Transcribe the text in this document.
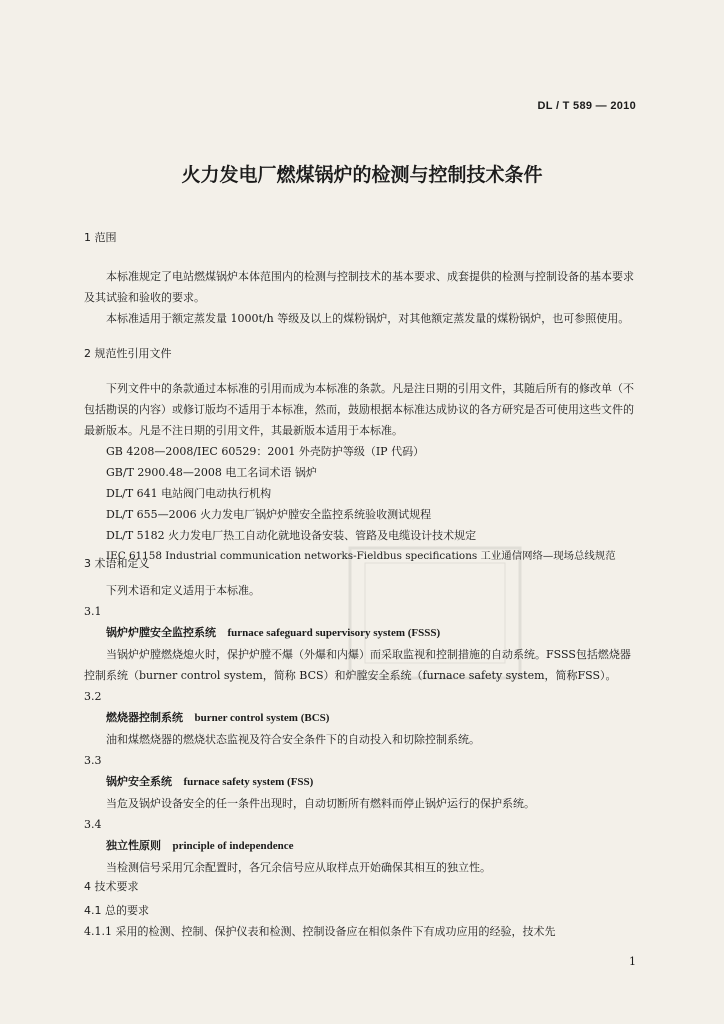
DL / T 589 — 2010
火力发电厂燃煤锅炉的检测与控制技术条件
1 范围

本标准规定了电站燃煤锅炉本体范围内的检测与控制技术的基本要求、成套提供的检测与控制设备的基本要求及其试验和验收的要求。

本标准适用于额定蒸发量 1000t/h 等级及以上的煤粉锅炉，对其他额定蒸发量的煤粉锅炉，也可参照使用。

2 规范性引用文件

下列文件中的条款通过本标准的引用而成为本标准的条款。凡是注日期的引用文件，其随后所有的修改单（不包括勘误的内容）或修订版均不适用于本标准，然而，鼓励根据本标准达成协议的各方研究是否可使用这些文件的最新版本。凡是不注日期的引用文件，其最新版本适用于本标准。

GB 4208—2008/IEC 60529：2001 外壳防护等级（IP 代码）

GB/T 2900.48—2008 电工名词术语 锅炉

DL/T 641 电站阀门电动执行机构

DL/T 655—2006 火力发电厂锅炉炉膛安全监控系统验收测试规程

DL/T 5182 火力发电厂热工自动化就地设备安装、管路及电缆设计技术规定

IEC 61158 Industrial communication networks-Fieldbus specifications 工业通信网络—现场总线规范

3 术语和定义

下列术语和定义适用于本标准。

3.1

锅炉炉膛安全监控系统 furnace safeguard supervisory system (FSSS)

当锅炉炉膛燃烧熄火时，保护炉膛不爆（外爆和内爆）而采取监视和控制措施的自动系统。FSSS包括燃烧器控制系统（burner control system，简称 BCS）和炉膛安全系统（furnace safety system，简称FSS）。

3.2

燃烧器控制系统 burner control system (BCS)

油和煤燃烧器的燃烧状态监视及符合安全条件下的自动投入和切除控制系统。

3.3

锅炉安全系统 furnace safety system (FSS)

当危及锅炉设备安全的任一条件出现时，自动切断所有燃料而停止锅炉运行的保护系统。

3.4

独立性原则 principle of independence

当检测信号采用冗余配置时，各冗余信号应从取样点开始确保其相互的独立性。

4 技术要求
4.1 总的要求

4.1.1 采用的检测、控制、保护仪表和检测、控制设备应在相似条件下有成功应用的经验，技术先

1
